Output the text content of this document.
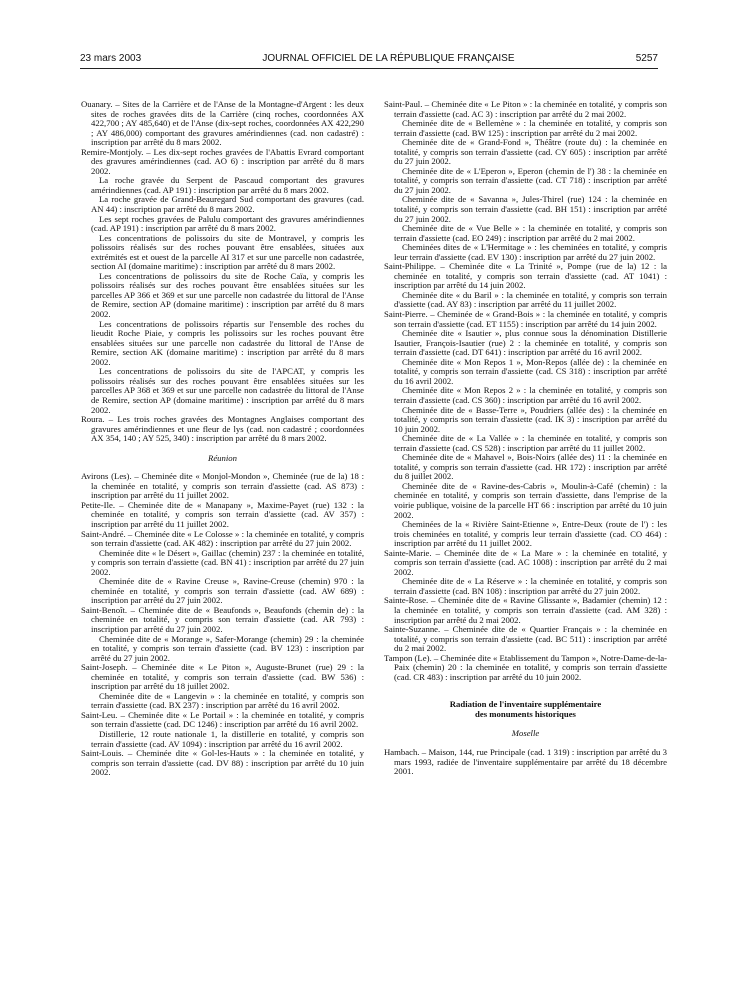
23 mars 2003	JOURNAL OFFICIEL DE LA RÉPUBLIQUE FRANÇAISE	5257

Ouanary. – Sites de la Carrière et de l'Anse de la Montagne-d'Argent : les deux sites de roches gravées dits de la Carrière (cinq roches, coordonnées AX 422,700 ; AY 485,640) et de l'Anse (dix-sept roches, coordonnées AX 422,290 ; AY 486,000) comportant des gravures amérindiennes (cad. non cadastré) : inscription par arrêté du 8 mars 2002.

Remire-Montjoly. – Les dix-sept roches gravées de l'Abattis Evrard comportant des gravures amérindiennes (cad. AO 6) : inscription par arrêté du 8 mars 2002.

La roche gravée du Serpent de Pascaud comportant des gravures amérindiennes (cad. AP 191) : inscription par arrêté du 8 mars 2002.

La roche gravée de Grand-Beauregard Sud comportant des gravures (cad. AN 44) : inscription par arrêté du 8 mars 2002.

Les sept roches gravées de Palulu comportant des gravures amérindiennes (cad. AP 191) : inscription par arrêté du 8 mars 2002.

Les concentrations de polissoirs du site de Montravel, y compris les polissoirs réalisés sur des roches pouvant être ensablées, situées aux extrémités est et ouest de la parcelle AI 317 et sur une parcelle non cadastrée, section AI (domaine maritime) : inscription par arrêté du 8 mars 2002.

Les concentrations de polissoirs du site de Roche Caïa, y compris les polissoirs réalisés sur des roches pouvant être ensablées situées sur les parcelles AP 366 et 369 et sur une parcelle non cadastrée du littoral de l'Anse de Remire, section AP (domaine maritime) : inscription par arrêté du 8 mars 2002.

Les concentrations de polissoirs répartis sur l'ensemble des roches du lieudit Roche Piaie, y compris les polissoirs sur les roches pouvant être ensablées situées sur une parcelle non cadastrée du littoral de l'Anse de Remire, section AK (domaine maritime) : inscription par arrêté du 8 mars 2002.

Les concentrations de polissoirs du site de l'APCAT, y compris les polissoirs réalisés sur des roches pouvant être ensablées situées sur les parcelles AP 368 et 369 et sur une parcelle non cadastrée du littoral de l'Anse de Remire, section AP (domaine maritime) : inscription par arrêté du 8 mars 2002.

Roura. – Les trois roches gravées des Montagnes Anglaises comportant des gravures amérindiennes et une fleur de lys (cad. non cadastré ; coordonnées AX 354, 140 ; AY 525, 340) : inscription par arrêté du 8 mars 2002.

Réunion

Avirons (Les). – Cheminée dite « Monjol-Mondon », Cheminée (rue de la) 18 : la cheminée en totalité, y compris son terrain d'assiette (cad. AS 873) : inscription par arrêté du 11 juillet 2002.

Petite-Ile. – Cheminée dite de « Manapany », Maxime-Payet (rue) 132 : la cheminée en totalité, y compris son terrain d'assiette (cad. AV 357) : inscription par arrêté du 11 juillet 2002.

Saint-André. – Cheminée dite « Le Colosse » : la cheminée en totalité, y compris son terrain d'assiette (cad. AK 482) : inscription par arrêté du 27 juin 2002.

Cheminée dite « le Désert », Gaillac (chemin) 237 : la cheminée en totalité, y compris son terrain d'assiette (cad. BN 41) : inscription par arrêté du 27 juin 2002.

Cheminée dite de « Ravine Creuse », Ravine-Creuse (chemin) 970 : la cheminée en totalité, y compris son terrain d'assiette (cad. AW 689) : inscription par arrêté du 27 juin 2002.

Saint-Benoît. – Cheminée dite de « Beaufonds », Beaufonds (chemin de) : la cheminée en totalité, y compris son terrain d'assiette (cad. AR 793) : inscription par arrêté du 27 juin 2002.

Cheminée dite de « Morange », Safer-Morange (chemin) 29 : la cheminée en totalité, y compris son terrain d'assiette (cad. BV 123) : inscription par arrêté du 27 juin 2002.

Saint-Joseph. – Cheminée dite « Le Piton », Auguste-Brunet (rue) 29 : la cheminée en totalité, y compris son terrain d'assiette (cad. BW 536) : inscription par arrêté du 18 juillet 2002.

Cheminée dite de « Langevin » : la cheminée en totalité, y compris son terrain d'assiette (cad. BX 237) : inscription par arrêté du 16 avril 2002.

Saint-Leu. – Cheminée dite « Le Portail » : la cheminée en totalité, y compris son terrain d'assiette (cad. DC 1246) : inscription par arrêté du 16 avril 2002.

Distillerie, 12 route nationale 1, la distillerie en totalité, y compris son terrain d'assiette (cad. AV 1094) : inscription par arrêté du 16 avril 2002.

Saint-Louis. – Cheminée dite « Gol-les-Hauts » : la cheminée en totalité, y compris son terrain d'assiette (cad. DV 88) : inscription par arrêté du 10 juin 2002.

Saint-Paul. – Cheminée dite « Le Piton » : la cheminée en totalité, y compris son terrain d'assiette (cad. AC 3) : inscription par arrêté du 2 mai 2002.

Cheminée dite de « Bellemène » : la cheminée en totalité, y compris son terrain d'assiette (cad. BW 125) : inscription par arrêté du 2 mai 2002.

Cheminée dite de « Grand-Fond », Théâtre (route du) : la cheminée en totalité, y compris son terrain d'assiette (cad. CY 605) : inscription par arrêté du 27 juin 2002.

Cheminée dite de « L'Eperon », Eperon (chemin de l') 38 : la cheminée en totalité, y compris son terrain d'assiette (cad. CT 718) : inscription par arrêté du 27 juin 2002.

Cheminée dite de « Savanna », Jules-Thirel (rue) 124 : la cheminée en totalité, y compris son terrain d'assiette (cad. BH 151) : inscription par arrêté du 27 juin 2002.

Cheminée dite de « Vue Belle » : la cheminée en totalité, y compris son terrain d'assiette (cad. EO 249) : inscription par arrêté du 2 mai 2002.

Cheminées dites de « L'Hermitage » : les cheminées en totalité, y compris leur terrain d'assiette (cad. EV 130) : inscription par arrêté du 27 juin 2002.

Saint-Philippe. – Cheminée dite « La Trinité », Pompe (rue de la) 12 : la cheminée en totalité, y compris son terrain d'assiette (cad. AT 1041) : inscription par arrêté du 14 juin 2002.

Cheminée dite « du Baril » : la cheminée en totalité, y compris son terrain d'assiette (cad. AY 83) : inscription par arrêté du 11 juillet 2002.

Saint-Pierre. – Cheminée de « Grand-Bois » : la cheminée en totalité, y compris son terrain d'assiette (cad. ET 1155) : inscription par arrêté du 14 juin 2002.

Cheminée dite « Isautier », plus connue sous la dénomination Distillerie Isautier, François-Isautier (rue) 2 : la cheminée en totalité, y compris son terrain d'assiette (cad. DT 641) : inscription par arrêté du 16 avril 2002.

Cheminée dite « Mon Repos 1 », Mon-Repos (allée de) : la cheminée en totalité, y compris son terrain d'assiette (cad. CS 318) : inscription par arrêté du 16 avril 2002.

Cheminée dite « Mon Repos 2 » : la cheminée en totalité, y compris son terrain d'assiette (cad. CS 360) : inscription par arrêté du 16 avril 2002.

Cheminée dite de « Basse-Terre », Poudriers (allée des) : la cheminée en totalité, y compris son terrain d'assiette (cad. IK 3) : inscription par arrêté du 10 juin 2002.

Cheminée dite de « La Vallée » : la cheminée en totalité, y compris son terrain d'assiette (cad. CS 528) : inscription par arrêté du 11 juillet 2002.

Cheminée dite de « Mahavel », Bois-Noirs (allée des) 11 : la cheminée en totalité, y compris son terrain d'assiette (cad. HR 172) : inscription par arrêté du 8 juillet 2002.

Cheminée dite de « Ravine-des-Cabris », Moulin-à-Café (chemin) : la cheminée en totalité, y compris son terrain d'assiette, dans l'emprise de la voirie publique, voisine de la parcelle HT 66 : inscription par arrêté du 10 juin 2002.

Cheminées de la « Rivière Saint-Etienne », Entre-Deux (route de l') : les trois cheminées en totalité, y compris leur terrain d'assiette (cad. CO 464) : inscription par arrêté du 11 juillet 2002.

Sainte-Marie. – Cheminée dite de « La Mare » : la cheminée en totalité, y compris son terrain d'assiette (cad. AC 1008) : inscription par arrêté du 2 mai 2002.

Cheminée dite de « La Réserve » : la cheminée en totalité, y compris son terrain d'assiette (cad. BN 108) : inscription par arrêté du 27 juin 2002.

Sainte-Rose. – Cheminée dite de « Ravine Glissante », Badamier (chemin) 12 : la cheminée en totalité, y compris son terrain d'assiette (cad. AM 328) : inscription par arrêté du 2 mai 2002.

Sainte-Suzanne. – Cheminée dite de « Quartier Français » : la cheminée en totalité, y compris son terrain d'assiette (cad. BC 511) : inscription par arrêté du 2 mai 2002.

Tampon (Le). – Cheminée dite « Etablissement du Tampon », Notre-Dame-de-la-Paix (chemin) 20 : la cheminée en totalité, y compris son terrain d'assiette (cad. CR 483) : inscription par arrêté du 10 juin 2002.

Radiation de l'inventaire supplémentaire

des monuments historiques

Moselle

Hambach. – Maison, 144, rue Principale (cad. 1 319) : inscription par arrêté du 3 mars 1993, radiée de l'inventaire supplémentaire par arrêté du 18 décembre 2001.
